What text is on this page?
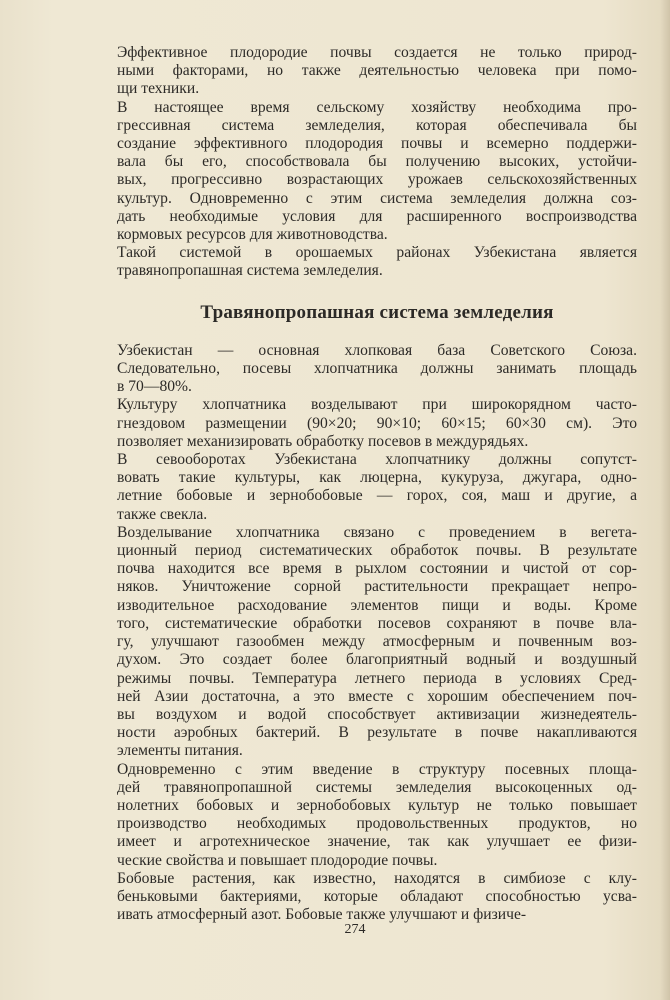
Эффективное плодородие почвы создается не только природ-
ными факторами, но также деятельностью человека при помо-
щи техники.
В настоящее время сельскому хозяйству необходима про-
грессивная система земледелия, которая обеспечивала бы
создание эффективного плодородия почвы и всемерно поддержи-
вала бы его, способствовала бы получению высоких, устойчи-
вых, прогрессивно возрастающих урожаев сельскохозяйственных
культур. Одновременно с этим система земледелия должна соз-
дать необходимые условия для расширенного воспроизводства
кормовых ресурсов для животноводства.
Такой системой в орошаемых районах Узбекистана является
травянопропашная система земледелия.
Травянопропашная система земледелия
Узбекистан — основная хлопковая база Советского Союза.
Следовательно, посевы хлопчатника должны занимать площадь
в 70—80%.
Культуру хлопчатника возделывают при широкорядном часто-
гнездовом размещении (90×20; 90×10; 60×15; 60×30 см). Это
позволяет механизировать обработку посевов в междурядьях.
В севооборотах Узбекистана хлопчатнику должны сопутст-
вовать такие культуры, как люцерна, кукуруза, джугара, одно-
летние бобовые и зернобобовые — горох, соя, маш и другие, а
также свекла.
Возделывание хлопчатника связано с проведением в вегета-
ционный период систематических обработок почвы. В результате
почва находится все время в рыхлом состоянии и чистой от сор-
няков. Уничтожение сорной растительности прекращает непро-
изводительное расходование элементов пищи и воды. Кроме
того, систематические обработки посевов сохраняют в почве вла-
гу, улучшают газообмен между атмосферным и почвенным воз-
духом. Это создает более благоприятный водный и воздушный
режимы почвы. Температура летнего периода в условиях Сред-
ней Азии достаточна, а это вместе с хорошим обеспечением поч-
вы воздухом и водой способствует активизации жизнедеятель-
ности аэробных бактерий. В результате в почве накапливаются
элементы питания.
Одновременно с этим введение в структуру посевных площа-
дей травянопропашной системы земледелия высокоценных од-
нолетних бобовых и зернобобовых культур не только повышает
производство необходимых продовольственных продуктов, но
имеет и агротехническое значение, так как улучшает ее физи-
ческие свойства и повышает плодородие почвы.
Бобовые растения, как известно, находятся в симбиозе с клу-
беньковыми бактериями, которые обладают способностью усва-
ивать атмосферный азот. Бобовые также улучшают и физиче-
274
